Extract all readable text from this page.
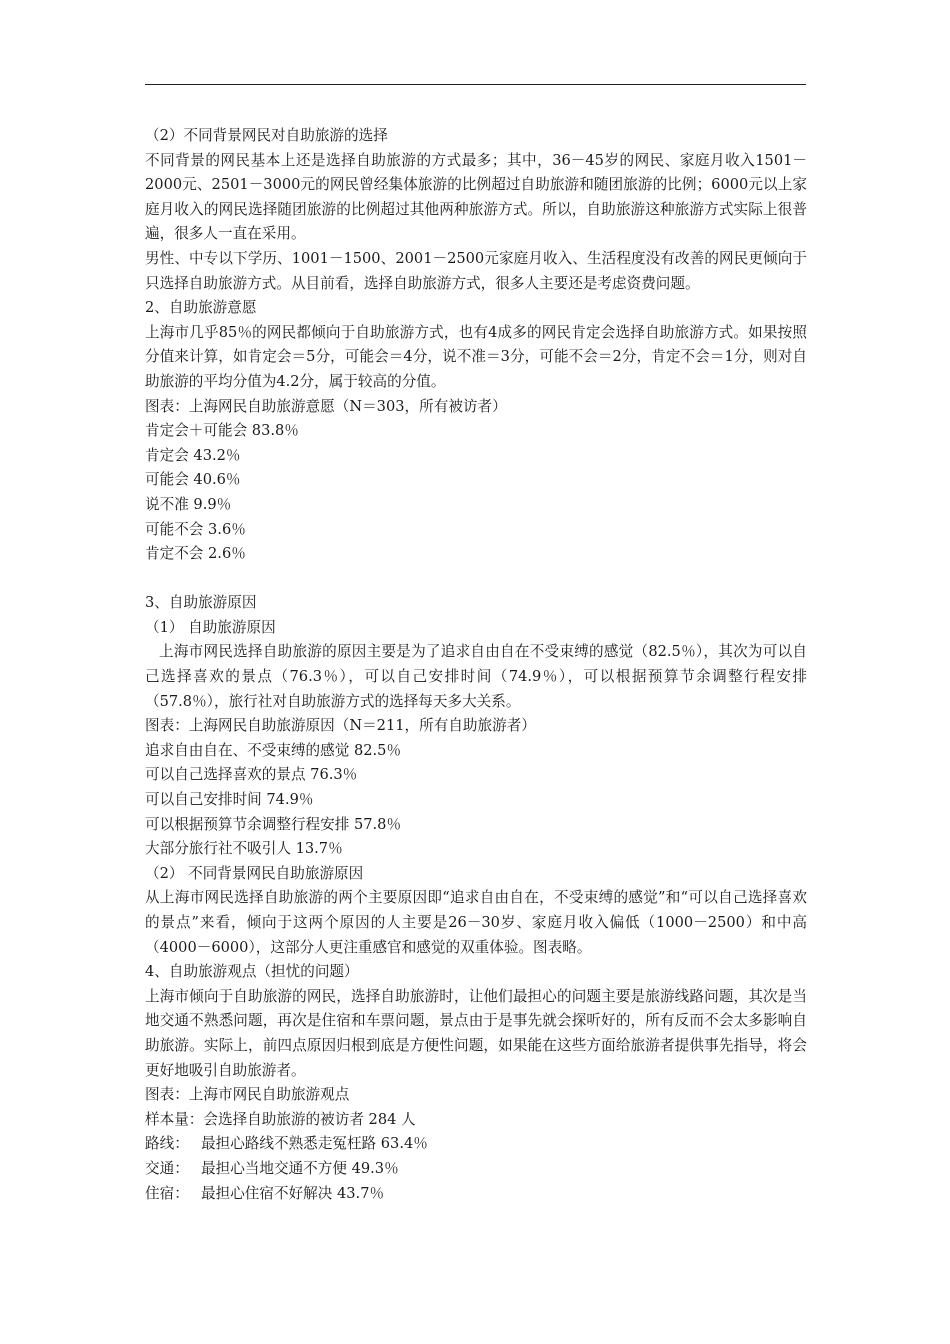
（2）不同背景网民对自助旅游的选择

不同背景的网民基本上还是选择自助旅游的方式最多；其中，36－45岁的网民、家庭月收入1501－2000元、2501－3000元的网民曾经集体旅游的比例超过自助旅游和随团旅游的比例；6000元以上家庭月收入的网民选择随团旅游的比例超过其他两种旅游方式。所以，自助旅游这种旅游方式实际上很普遍，很多人一直在采用。

男性、中专以下学历、1001－1500、2001－2500元家庭月收入、生活程度没有改善的网民更倾向于只选择自助旅游方式。从目前看，选择自助旅游方式，很多人主要还是考虑资费问题。

2、自助旅游意愿

上海市几乎85％的网民都倾向于自助旅游方式，也有4成多的网民肯定会选择自助旅游方式。如果按照分值来计算，如肯定会＝5分，可能会＝4分，说不准＝3分，可能不会＝2分，肯定不会＝1分，则对自助旅游的平均分值为4.2分，属于较高的分值。

图表：上海网民自助旅游意愿（N＝303，所有被访者）

肯定会＋可能会 83.8％

肯定会 43.2％

可能会 40.6％

说不准 9.9％

可能不会 3.6％

肯定不会 2.6％

3、自助旅游原因

（1） 自助旅游原因

上海市网民选择自助旅游的原因主要是为了追求自由自在不受束缚的感觉（82.5％），其次为可以自己选择喜欢的景点（76.3％），可以自己安排时间（74.9％），可以根据预算节余调整行程安排（57.8％），旅行社对自助旅游方式的选择每天多大关系。

图表：上海网民自助旅游原因（N＝211，所有自助旅游者）

追求自由自在、不受束缚的感觉 82.5％

可以自己选择喜欢的景点 76.3％

可以自己安排时间 74.9％

可以根据预算节余调整行程安排 57.8％

大部分旅行社不吸引人 13.7％

（2） 不同背景网民自助旅游原因

从上海市网民选择自助旅游的两个主要原因即“追求自由自在，不受束缚的感觉”和“可以自己选择喜欢的景点”来看，倾向于这两个原因的人主要是26－30岁、家庭月收入偏低（1000－2500）和中高（4000－6000），这部分人更注重感官和感觉的双重体验。图表略。

4、自助旅游观点（担忧的问题）

上海市倾向于自助旅游的网民，选择自助旅游时，让他们最担心的问题主要是旅游线路问题，其次是当地交通不熟悉问题，再次是住宿和车票问题，景点由于是事先就会探听好的，所有反而不会太多影响自助旅游。实际上，前四点原因归根到底是方便性问题，如果能在这些方面给旅游者提供事先指导，将会更好地吸引自助旅游者。

图表：上海市网民自助旅游观点

样本量：会选择自助旅游的被访者 284 人

路线： 最担心路线不熟悉走冤枉路 63.4％

交通： 最担心当地交通不方便 49.3％

住宿： 最担心住宿不好解决 43.7％
